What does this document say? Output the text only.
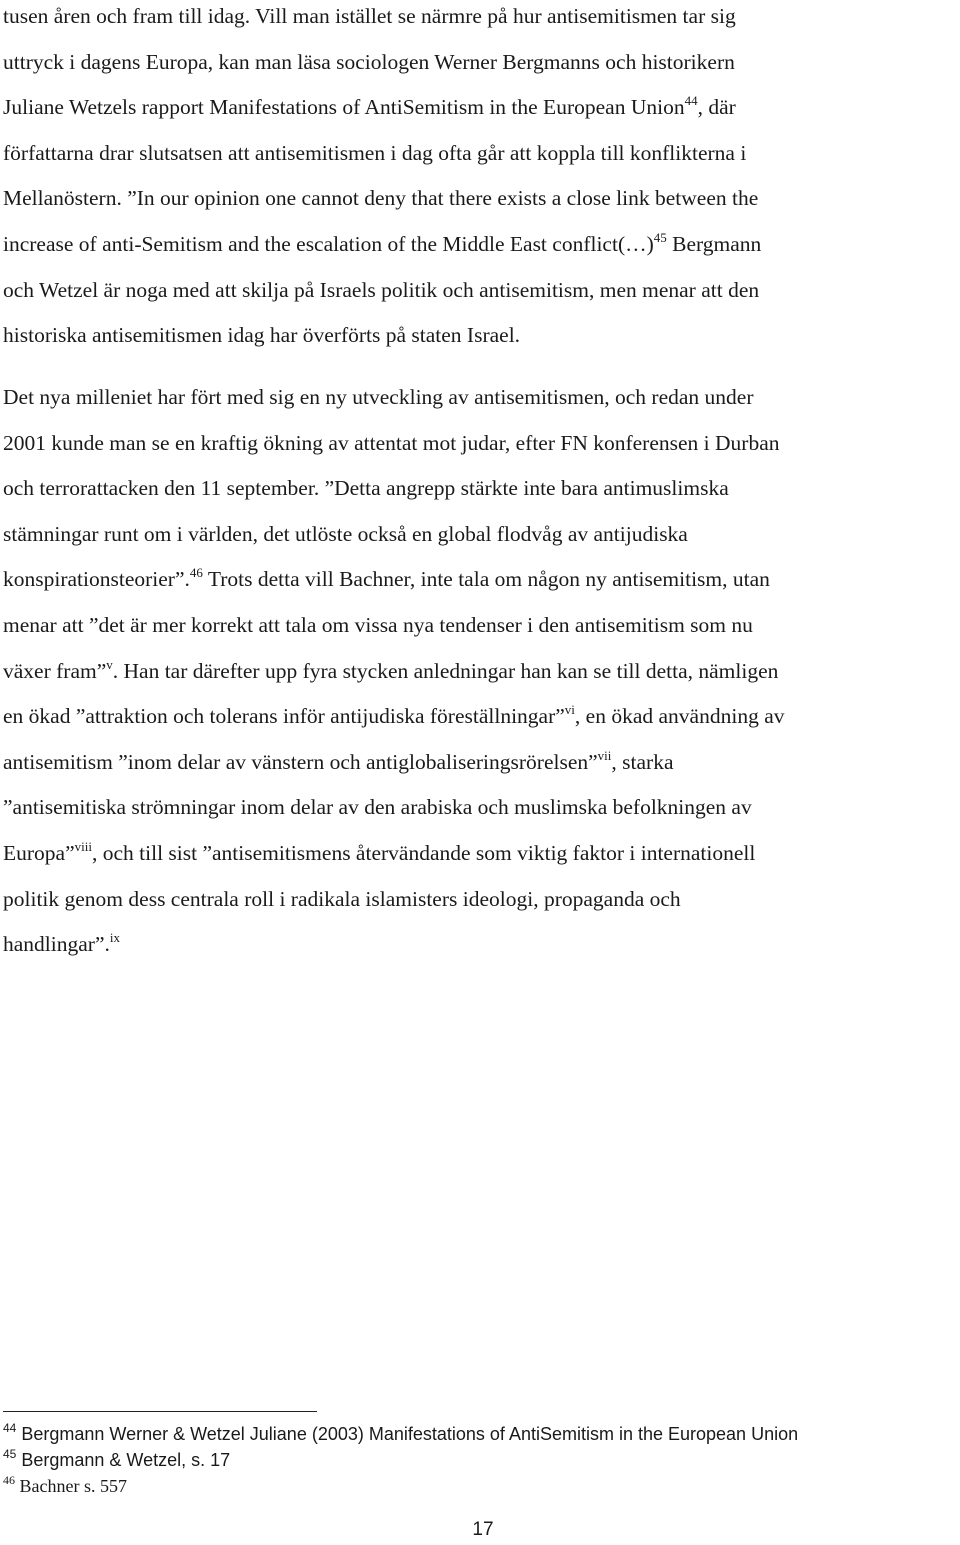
tusen åren och fram till idag. Vill man istället se närmre på hur antisemitismen tar sig
uttryck i dagens Europa, kan man läsa sociologen Werner Bergmanns och historikern
Juliane Wetzels rapport Manifestations of AntiSemitism in the European Union$^{44}$, där
författarna drar slutsatsen att antisemitismen i dag ofta går att koppla till konflikterna i
Mellanöstern. ”In our opinion one cannot deny that there exists a close link between the
increase of anti-Semitism and the escalation of the Middle East conflict(…)$^{45}$ Bergmann
och Wetzel är noga med att skilja på Israels politik och antisemitism, men menar att den
historiska antisemitismen idag har överförts på staten Israel.
Det nya milleniet har fört med sig en ny utveckling av antisemitismen, och redan under
2001 kunde man se en kraftig ökning av attentat mot judar, efter FN konferensen i Durban
och terrorattacken den 11 september. ”Detta angrepp stärkte inte bara antimuslimska
stämningar runt om i världen, det utlöste också en global flodvåg av antijudiska
konspirationsteorier”.$^{46}$ Trots detta vill Bachner, inte tala om någon ny antisemitism, utan
menar att ”det är mer korrekt att tala om vissa nya tendenser i den antisemitism som nu
växer fram”$^v$. Han tar därefter upp fyra stycken anledningar han kan se till detta, nämligen
en ökad ”attraktion och tolerans inför antijudiska föreställningar”$^{vi}$, en ökad användning av
antisemitism ”inom delar av vänstern och antiglobaliseringsrörelsen”$^{vii}$, starka
”antisemitiska strömningar inom delar av den arabiska och muslimska befolkningen av
Europa”$^{viii}$, och till sist ”antisemitismens återvändande som viktig faktor i internationell
politik genom dess centrala roll i radikala islamisters ideologi, propaganda och
handlingar”.$^{ix}$
$^{44}$ Bergmann Werner & Wetzel Juliane (2003) Manifestations of AntiSemitism in the European Union
$^{45}$ Bergmann & Wetzel, s. 17
$^{46}$ Bachner s. 557
17
